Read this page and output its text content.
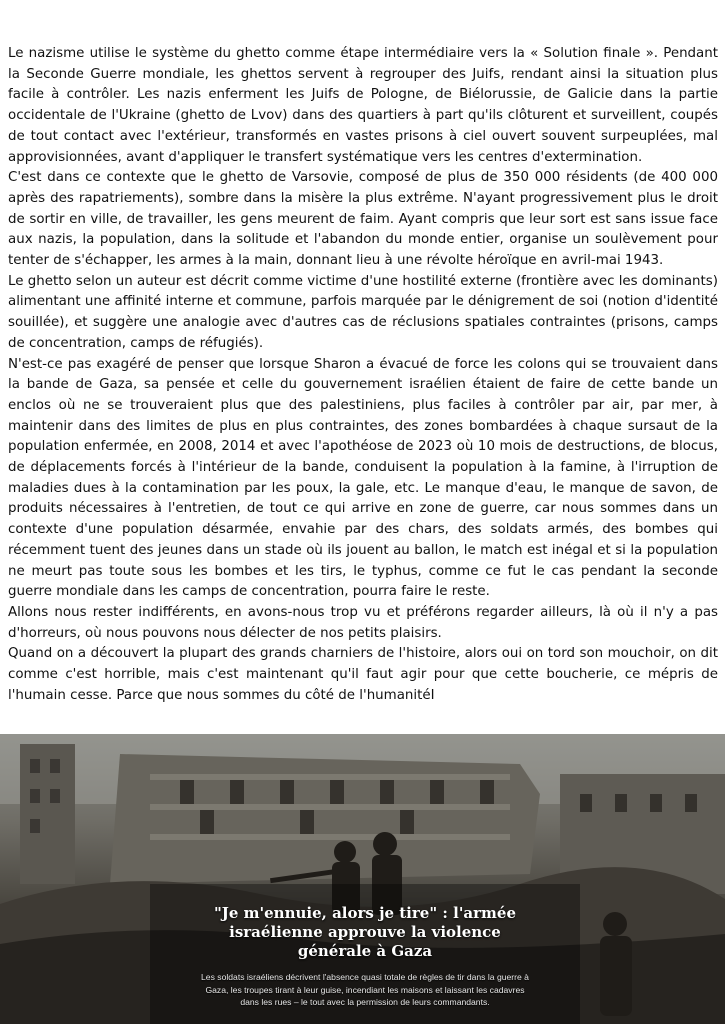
Le nazisme utilise le système du ghetto comme étape intermédiaire vers la « Solution finale ». Pendant la Seconde Guerre mondiale, les ghettos servent à regrouper des Juifs, rendant ainsi la situation plus facile à contrôler. Les nazis enferment les Juifs de Pologne, de Biélorussie, de Galicie dans la partie occidentale de l'Ukraine (ghetto de Lvov) dans des quartiers à part qu'ils clôturent et surveillent, coupés de tout contact avec l'extérieur, transformés en vastes prisons à ciel ouvert souvent surpeuplées, mal approvisionnées, avant d'appliquer le transfert systématique vers les centres d'extermination.

C'est dans ce contexte que le ghetto de Varsovie, composé de plus de 350 000 résidents (de 400 000 après des rapatriements), sombre dans la misère la plus extrême. N'ayant progressivement plus le droit de sortir en ville, de travailler, les gens meurent de faim. Ayant compris que leur sort est sans issue face aux nazis, la population, dans la solitude et l'abandon du monde entier, organise un soulèvement pour tenter de s'échapper, les armes à la main, donnant lieu à une révolte héroïque en avril-mai 1943.

Le ghetto selon un auteur est décrit comme victime d'une hostilité externe (frontière avec les dominants) alimentant une affinité interne et commune, parfois marquée par le dénigrement de soi (notion d'identité souillée), et suggère une analogie avec d'autres cas de réclusions spatiales contraintes (prisons, camps de concentration, camps de réfugiés).

N'est-ce pas exagéré de penser que lorsque Sharon a évacué de force les colons qui se trouvaient dans la bande de Gaza, sa pensée et celle du gouvernement israélien étaient de faire de cette bande un enclos où ne se trouveraient plus que des palestiniens, plus faciles à contrôler par air, par mer, à maintenir dans des limites de plus en plus contraintes, des zones bombardées à chaque sursaut de la population enfermée, en 2008, 2014 et avec l'apothéose de 2023 où 10 mois de destructions, de blocus, de déplacements forcés à l'intérieur de la bande, conduisent la population à la famine, à l'irruption de maladies dues à la contamination par les poux, la gale, etc. Le manque d'eau, le manque de savon, de produits nécessaires à l'entretien, de tout ce qui arrive en zone de guerre, car nous sommes dans un contexte d'une population désarmée, envahie par des chars, des soldats armés, des bombes qui récemment tuent des jeunes dans un stade où ils jouent au ballon, le match est inégal et si la population ne meurt pas toute sous les bombes et les tirs, le typhus, comme ce fut le cas pendant la seconde guerre mondiale dans les camps de concentration, pourra faire le reste.

Allons nous rester indifférents, en avons-nous trop vu et préférons regarder ailleurs, là où il n'y a pas d'horreurs, où nous pouvons nous délecter de nos petits plaisirs.

Quand on a découvert la plupart des grands charniers de l'histoire, alors oui on tord son mouchoir, on dit comme c'est horrible, mais c'est maintenant qu'il faut agir pour que cette boucherie, ce mépris de l'humain cesse. Parce que nous sommes du côté de l'humanitéI

"Je m'ennuie, alors je tire" : l'armée israélienne approuve la violence générale à Gaza

Les soldats israéliens décrivent l'absence quasi totale de règles de tir dans la guerre à Gaza, les troupes tirant à leur guise, incendiant les maisons et laissant les cadavres dans les rues – le tout avec la permission de leurs commandants.
